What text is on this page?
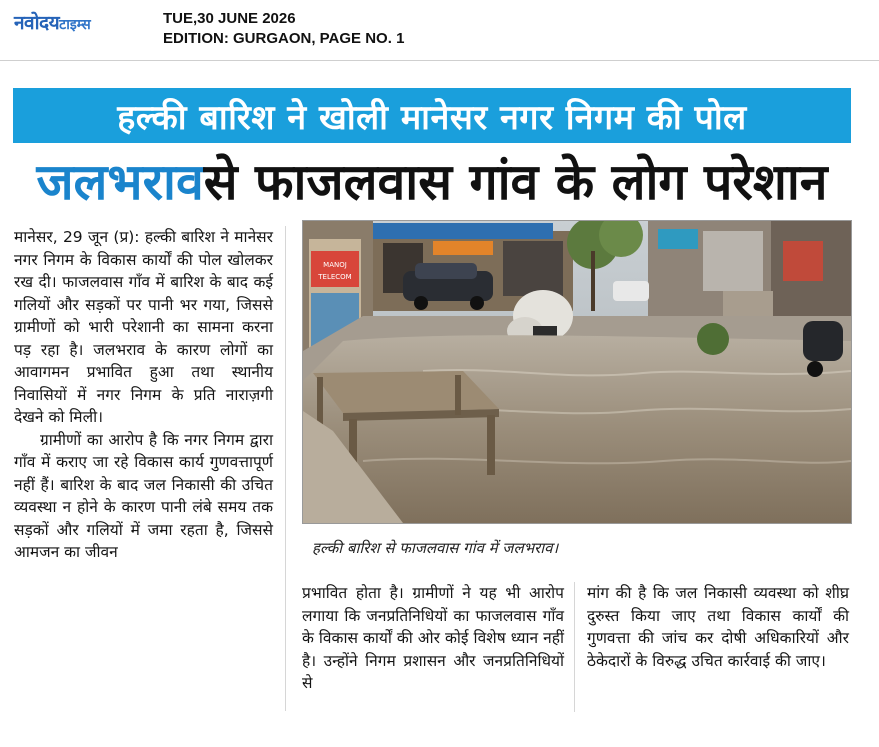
नवोदयटाइम्स	TUE,30 JUNE 2026
EDITION: GURGAON, PAGE NO. 1
हल्की बारिश ने खोली मानेसर नगर निगम की पोल
जलभराव से फाजलवास गांव के लोग परेशान

मानेसर, 29 जून (प्र): हल्की बारिश ने मानेसर नगर निगम के विकास कार्यों की पोल खोलकर रख दी। फाजलवास गाँव में बारिश के बाद कई गलियों और सड़कों पर पानी भर गया, जिससे ग्रामीणों को भारी परेशानी का सामना करना पड़ रहा है। जलभराव के कारण लोगों का आवागमन प्रभावित हुआ तथा स्थानीय निवासियों में नगर निगम के प्रति नाराज़गी देखने को मिली।

ग्रामीणों का आरोप है कि नगर निगम द्वारा गाँव में कराए जा रहे विकास कार्य गुणवत्तापूर्ण नहीं हैं। बारिश के बाद जल निकासी की उचित व्यवस्था न होने के कारण पानी लंबे समय तक सड़कों और गलियों में जमा रहता है, जिससे आमजन का जीवन

MANOJ
TELECOM
हल्की बारिश से फाजलवास गांव में जलभराव।

प्रभावित होता है। ग्रामीणों ने यह भी आरोप लगाया कि जनप्रतिनिधियों का फाजलवास गाँव के विकास कार्यों की ओर कोई विशेष ध्यान नहीं है। उन्होंने निगम प्रशासन और जनप्रतिनिधियों से

मांग की है कि जल निकासी व्यवस्था को शीघ्र दुरुस्त किया जाए तथा विकास कार्यों की गुणवत्ता की जांच कर दोषी अधिकारियों और ठेकेदारों के विरुद्ध उचित कार्रवाई की जाए।
